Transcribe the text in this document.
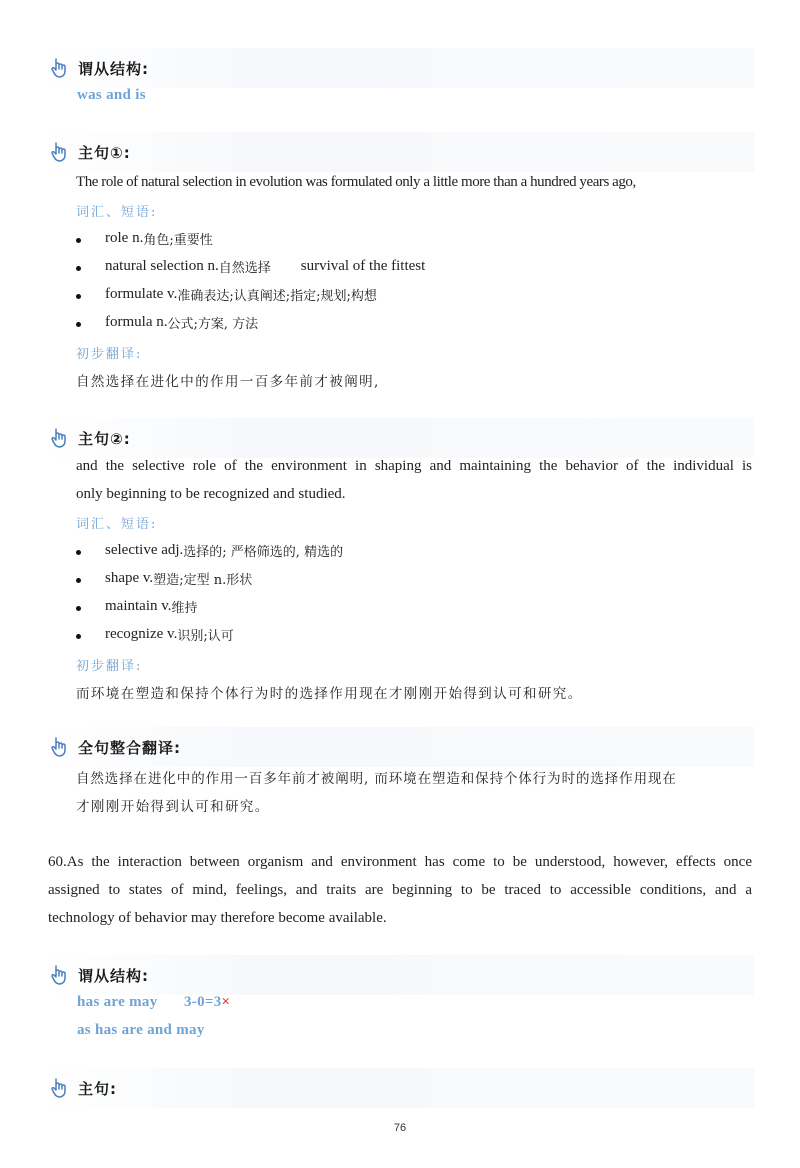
谓从结构:
was and is
主句①:
The role of natural selection in evolution was formulated only a little more than a hundred years ago,
词汇、短语:
role n. 角色;重要性
natural selection n. 自然选择 survival of the fittest
formulate v. 准确表达;认真阐述;指定;规划;构想
formula n. 公式;方案, 方法
初步翻译:
自然选择在进化中的作用一百多年前才被阐明,
主句②:
and the selective role of the environment in shaping and maintaining the behavior of the individual is
only beginning to be recognized and studied.
词汇、短语:
selective adj. 选择的; 严格筛选的, 精选的
shape v. 塑造;定型 n.形状
maintain v. 维持
recognize v. 识别;认可
初步翻译:
而环境在塑造和保持个体行为时的选择作用现在才刚刚开始得到认可和研究。
全句整合翻译:
自然选择在进化中的作用一百多年前才被阐明, 而环境在塑造和保持个体行为时的选择作用现在
才刚刚开始得到认可和研究。
60.As the interaction between organism and environment has come to be understood, however, effects once
assigned to states of mind, feelings, and traits are beginning to be traced to accessible conditions, and a
technology of behavior may therefore become available.
谓从结构:
has are may 3-0=3×
as has are and may
主句:
76
